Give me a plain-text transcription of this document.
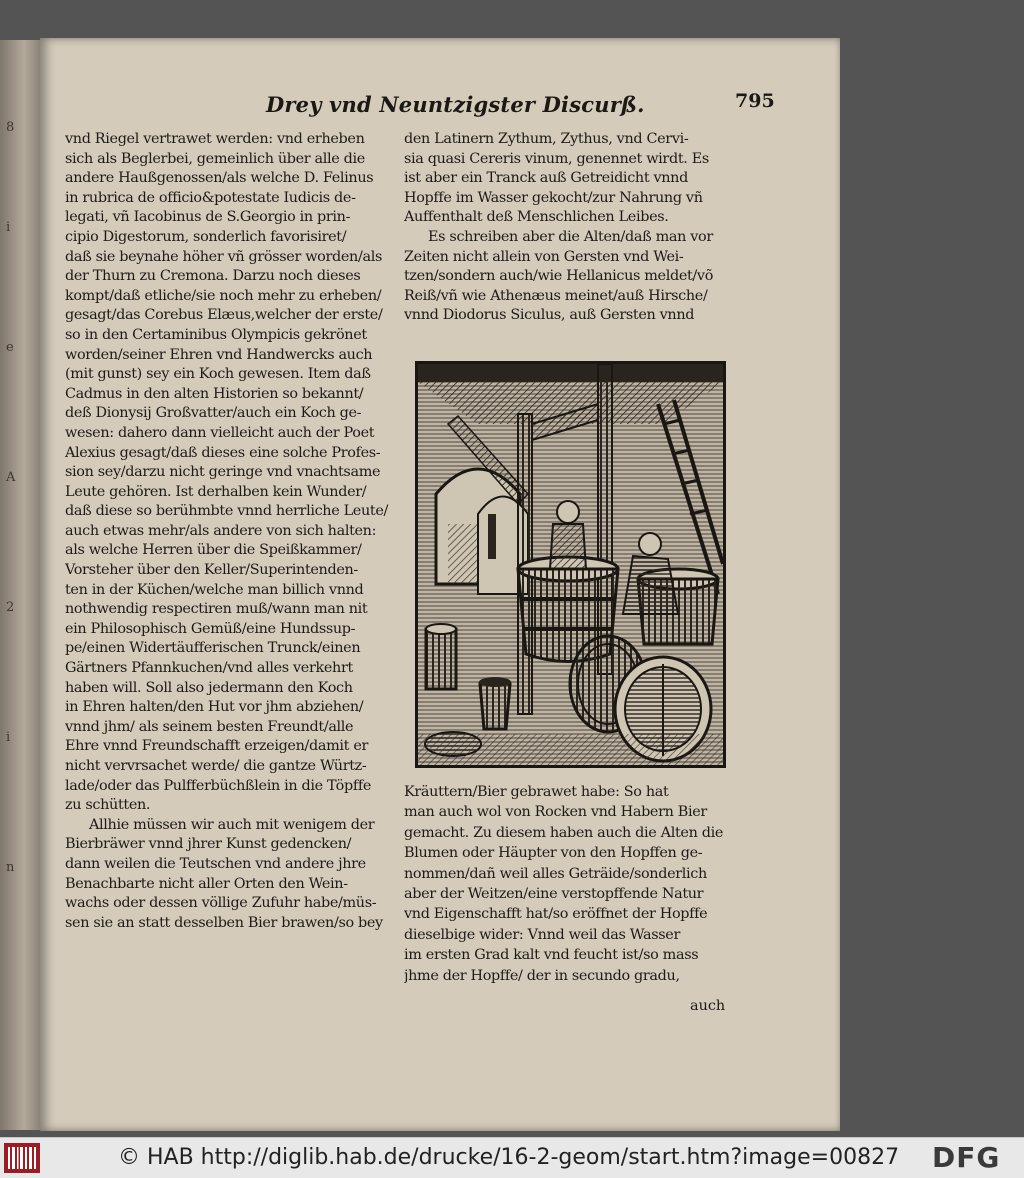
8
i
e
A
2
i
n
Drey vnd Neuntzigster Discurß.	795
vnd Riegel vertrawet werden: vnd erheben
sich als Beglerbei, gemeinlich über alle die
andere Haußgenossen/als welche D. Felinus
in rubrica de officio&potestate Iudicis de-
legati, vñ Iacobinus de S.Georgio in prin-
cipio Digestorum, sonderlich favorisiret/
daß sie beynahe höher vñ grösser worden/als
der Thurn zu Cremona. Darzu noch dieses
kompt/daß etliche/sie noch mehr zu erheben/
gesagt/das Corebus Elæus,welcher der erste/
so in den Certaminibus Olympicis gekrönet
worden/seiner Ehren vnd Handwercks auch
(mit gunst) sey ein Koch gewesen. Item daß
Cadmus in den alten Historien so bekannt/
deß Dionysij Großvatter/auch ein Koch ge-
wesen: dahero dann vielleicht auch der Poet
Alexius gesagt/daß dieses eine solche Profes-
sion sey/darzu nicht geringe vnd vnachtsame
Leute gehören. Ist derhalben kein Wunder/
daß diese so berühmbte vnnd herrliche Leute/
auch etwas mehr/als andere von sich halten:
als welche Herren über die Speißkammer/
Vorsteher über den Keller/Superintenden-
ten in der Küchen/welche man billich vnnd
nothwendig respectiren muß/wann man nit
ein Philosophisch Gemüß/eine Hundssup-
pe/einen Widertäufferischen Trunck/einen
Gärtners Pfannkuchen/vnd alles verkehrt
haben will. Soll also jedermann den Koch
in Ehren halten/den Hut vor jhm abziehen/
vnnd jhm/ als seinem besten Freundt/alle
Ehre vnnd Freundschafft erzeigen/damit er
nicht vervrsachet werde/ die gantze Würtz-
lade/oder das Pulfferbüchßlein in die Töpffe
zu schütten.
Allhie müssen wir auch mit wenigem der
Bierbräwer vnnd jhrer Kunst gedencken/
dann weilen die Teutschen vnd andere jhre
Benachbarte nicht aller Orten den Wein-
wachs oder dessen völlige Zufuhr habe/müs-
sen sie an statt desselben Bier brawen/so bey
den Latinern Zythum, Zythus, vnd Cervi-
sia quasi Cereris vinum, genennet wirdt. Es
ist aber ein Tranck auß Getreidicht vnnd
Hopffe im Wasser gekocht/zur Nahrung vñ
Auffenthalt deß Menschlichen Leibes.
Es schreiben aber die Alten/daß man vor
Zeiten nicht allein von Gersten vnd Wei-
tzen/sondern auch/wie Hellanicus meldet/võ
Reiß/vñ wie Athenæus meinet/auß Hirsche/
vnnd Diodorus Siculus, auß Gersten vnnd
Kräuttern/Bier gebrawet habe: So hat
man auch wol von Rocken vnd Habern Bier
gemacht. Zu diesem haben auch die Alten die
Blumen oder Häupter von den Hopffen ge-
nommen/dañ weil alles Geträide/sonderlich
aber der Weitzen/eine verstopffende Natur
vnd Eigenschafft hat/so eröffnet der Hopffe
dieselbige wider: Vnnd weil das Wasser
im ersten Grad kalt vnd feucht ist/so mass
jhme der Hopffe/ der in secundo gradu,
auch
© HAB http://diglib.hab.de/drucke/16-2-geom/start.htm?image=00827 DFG
